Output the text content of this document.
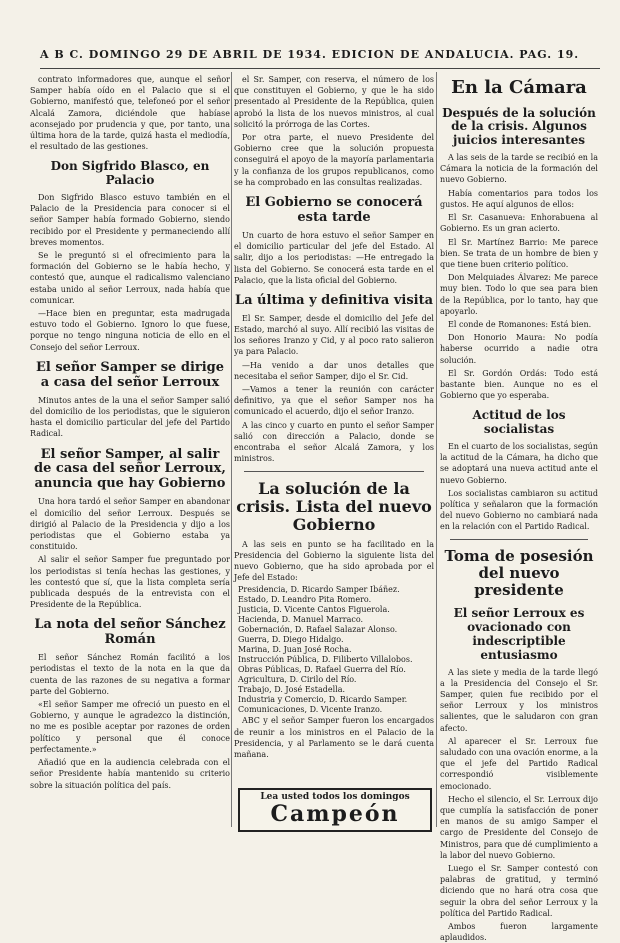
A B C. DOMINGO 29 DE ABRIL DE 1934. EDICION DE ANDALUCIA. PAG. 19.

contrato informadores que, aunque el señor Samper había oído en el Palacio que si el Gobierno, manifestó que, telefoneó por el señor Alcalá Zamora, diciéndole que habíase aconsejado por prudencia y que, por tanto, una última hora de la tarde, quizá hasta el mediodía, el resultado de las gestiones.

Don Sigfrido Blasco, en Palacio

Don Sigfrido Blasco estuvo también en el Palacio de la Presidencia para conocer si el señor Samper había formado Gobierno, siendo recibido por el Presidente y permaneciendo allí breves momentos.

Se le preguntó si el ofrecimiento para la formación del Gobierno se le había hecho, y contestó que, aunque el radicalismo valenciano estaba unido al señor Lerroux, nada había que comunicar.

—Hace bien en preguntar, esta madrugada estuvo todo el Gobierno. Ignoro lo que fuese, porque no tengo ninguna noticia de ello en el Consejo del señor Lerroux.

El señor Samper se dirige a casa del señor Lerroux

Minutos antes de la una el señor Samper salió del domicilio de los periodistas, que le siguieron hasta el domicilio particular del jefe del Partido Radical.

El señor Samper, al salir de casa del señor Lerroux, anuncia que hay Gobierno

Una hora tardó el señor Samper en abandonar el domicilio del señor Lerroux. Después se dirigió al Palacio de la Presidencia y dijo a los periodistas que el Gobierno estaba ya constituido.

Al salir el señor Samper fue preguntado por los periodistas si tenía hechas las gestiones, y les contestó que sí, que la lista completa sería publicada después de la entrevista con el Presidente de la República.

La nota del señor Sánchez Román

El señor Sánchez Román facilitó a los periodistas el texto de la nota en la que da cuenta de las razones de su negativa a formar parte del Gobierno.

«El señor Samper me ofreció un puesto en el Gobierno, y aunque le agradezco la distinción, no me es posible aceptar por razones de orden político y personal que él conoce perfectamente.»

Añadió que en la audiencia celebrada con el señor Presidente había mantenido su criterio sobre la situación política del país.

el Sr. Samper, con reserva, el número de los que constituyen el Gobierno, y que le ha sido presentado al Presidente de la República, quien aprobó la lista de los nuevos ministros, al cual solicitó la prórroga de las Cortes.

Por otra parte, el nuevo Presidente del Gobierno cree que la solución propuesta conseguirá el apoyo de la mayoría parlamentaria y la confianza de los grupos republicanos, como se ha comprobado en las consultas realizadas.

El Gobierno se conocerá esta tarde

Un cuarto de hora estuvo el señor Samper en el domicilio particular del jefe del Estado. Al salir, dijo a los periodistas: —He entregado la lista del Gobierno. Se conocerá esta tarde en el Palacio, que la lista oficial del Gobierno.

La última y definitiva visita

El Sr. Samper, desde el domicilio del Jefe del Estado, marchó al suyo. Allí recibió las visitas de los señores Iranzo y Cid, y al poco rato salieron ya para Palacio.

—Ha venido a dar unos detalles que necesitaba el señor Samper, dijo el Sr. Cid.

—Vamos a tener la reunión con carácter definitivo, ya que el señor Samper nos ha comunicado el acuerdo, dijo el señor Iranzo.

A las cinco y cuarto en punto el señor Samper salió con dirección a Palacio, donde se encontraba el señor Alcalá Zamora, y los ministros.

La solución de la crisis. Lista del nuevo Gobierno

A las seis en punto se ha facilitado en la Presidencia del Gobierno la siguiente lista del nuevo Gobierno, que ha sido aprobada por el Jefe del Estado:

Presidencia, D. Ricardo Samper Ibáñez.
Estado, D. Leandro Pita Romero.
Justicia, D. Vicente Cantos Figuerola.
Hacienda, D. Manuel Marraco.
Gobernación, D. Rafael Salazar Alonso.
Guerra, D. Diego Hidalgo.
Marina, D. Juan José Rocha.
Instrucción Pública, D. Filiberto Villalobos.
Obras Públicas, D. Rafael Guerra del Río.
Agricultura, D. Cirilo del Río.
Trabajo, D. José Estadella.
Industria y Comercio, D. Ricardo Samper.
Comunicaciones, D. Vicente Iranzo.

ABC y el señor Samper fueron los encargados de reunir a los ministros en el Palacio de la Presidencia, y al Parlamento se le dará cuenta mañana.

En la Cámara
Después de la solución de la crisis. Algunos juicios interesantes

A las seis de la tarde se recibió en la Cámara la noticia de la formación del nuevo Gobierno.

Había comentarios para todos los gustos. He aquí algunos de ellos:

El Sr. Casanueva: Enhorabuena al Gobierno. Es un gran acierto.

El Sr. Martínez Barrio: Me parece bien. Se trata de un hombre de bien y que tiene buen criterio político.

Don Melquiades Álvarez: Me parece muy bien. Todo lo que sea para bien de la República, por lo tanto, hay que apoyarlo.

El conde de Romanones: Está bien.

Don Honorio Maura: No podía haberse ocurrido a nadie otra solución.

El Sr. Gordón Ordás: Todo está bastante bien. Aunque no es el Gobierno que yo esperaba.

Actitud de los socialistas

En el cuarto de los socialistas, según la actitud de la Cámara, ha dicho que se adoptará una nueva actitud ante el nuevo Gobierno.

Los socialistas cambiaron su actitud política y señalaron que la formación del nuevo Gobierno no cambiará nada en la relación con el Partido Radical.

Toma de posesión del nuevo presidente
El señor Lerroux es ovacionado con indescriptible entusiasmo

A las siete y media de la tarde llegó a la Presidencia del Consejo el Sr. Samper, quien fue recibido por el señor Lerroux y los ministros salientes, que le saludaron con gran afecto.

Al aparecer el Sr. Lerroux fue saludado con una ovación enorme, a la que el jefe del Partido Radical correspondió visiblemente emocionado.

Hecho el silencio, el Sr. Lerroux dijo que cumplía la satisfacción de poner en manos de su amigo Samper el cargo de Presidente del Consejo de Ministros, para que dé cumplimiento a la labor del nuevo Gobierno.

Luego el Sr. Samper contestó con palabras de gratitud, y terminó diciendo que no hará otra cosa que seguir la obra del señor Lerroux y la política del Partido Radical.

Ambos fueron largamente aplaudidos.

Lea usted todos los domingos
Campeón
